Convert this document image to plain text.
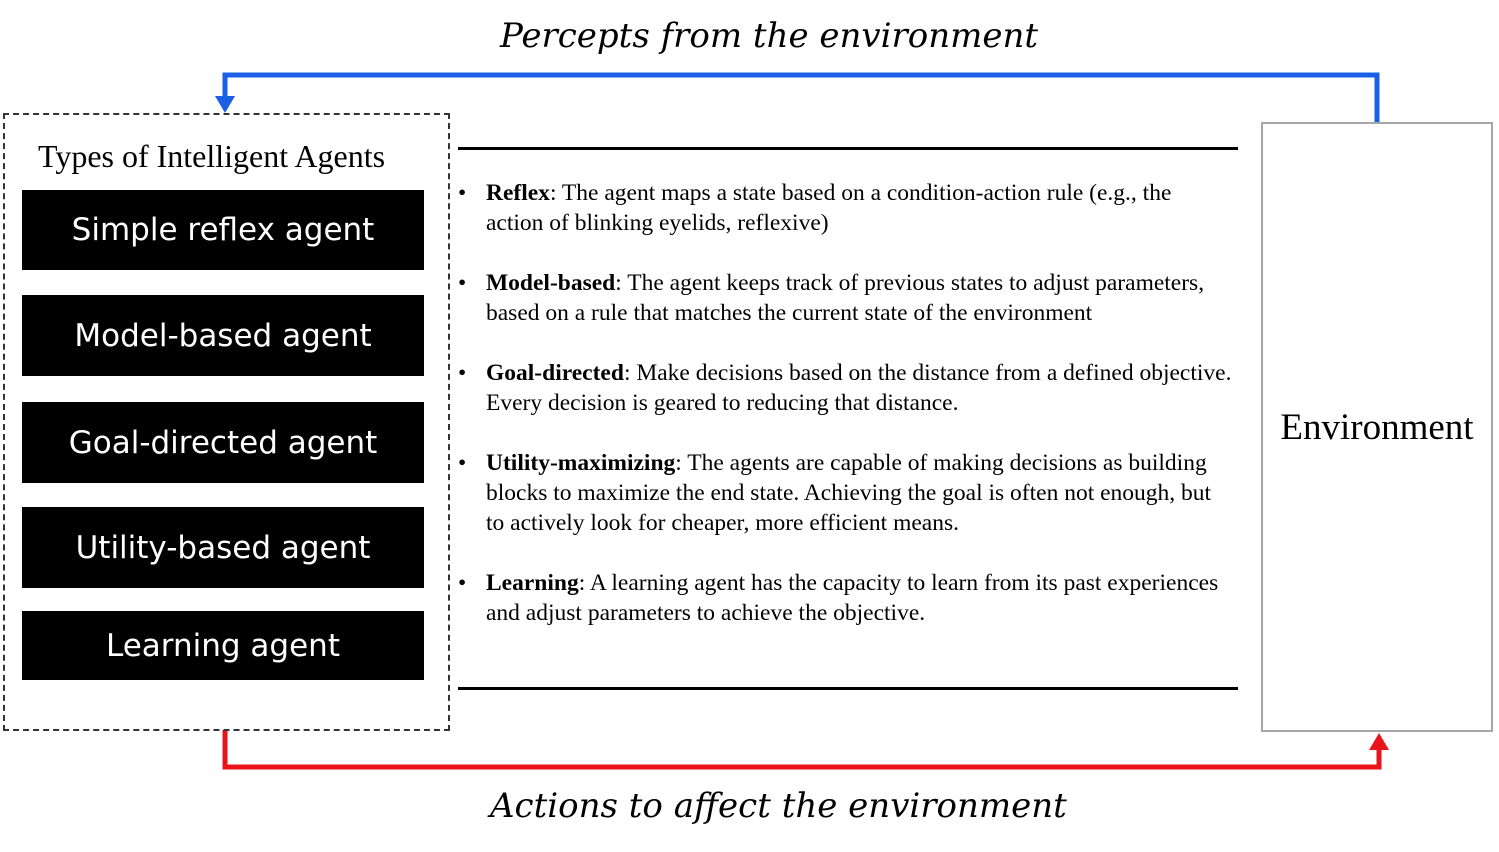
Percepts from the environment
Actions to affect the environment
Types of Intelligent Agents
Simple reflex agent
Model-based agent
Goal-directed agent
Utility-based agent
Learning agent
• Reflex: The agent maps a state based on a condition-action rule (e.g., the action of blinking eyelids, reflexive)
• Model-based: The agent keeps track of previous states to adjust parameters, based on a rule that matches the current state of the environment
• Goal-directed: Make decisions based on the distance from a defined objective. Every decision is geared to reducing that distance.
• Utility-maximizing: The agents are capable of making decisions as building blocks to maximize the end state. Achieving the goal is often not enough, but to actively look for cheaper, more efficient means.
• Learning: A learning agent has the capacity to learn from its past experiences and adjust parameters to achieve the objective.
Environment
